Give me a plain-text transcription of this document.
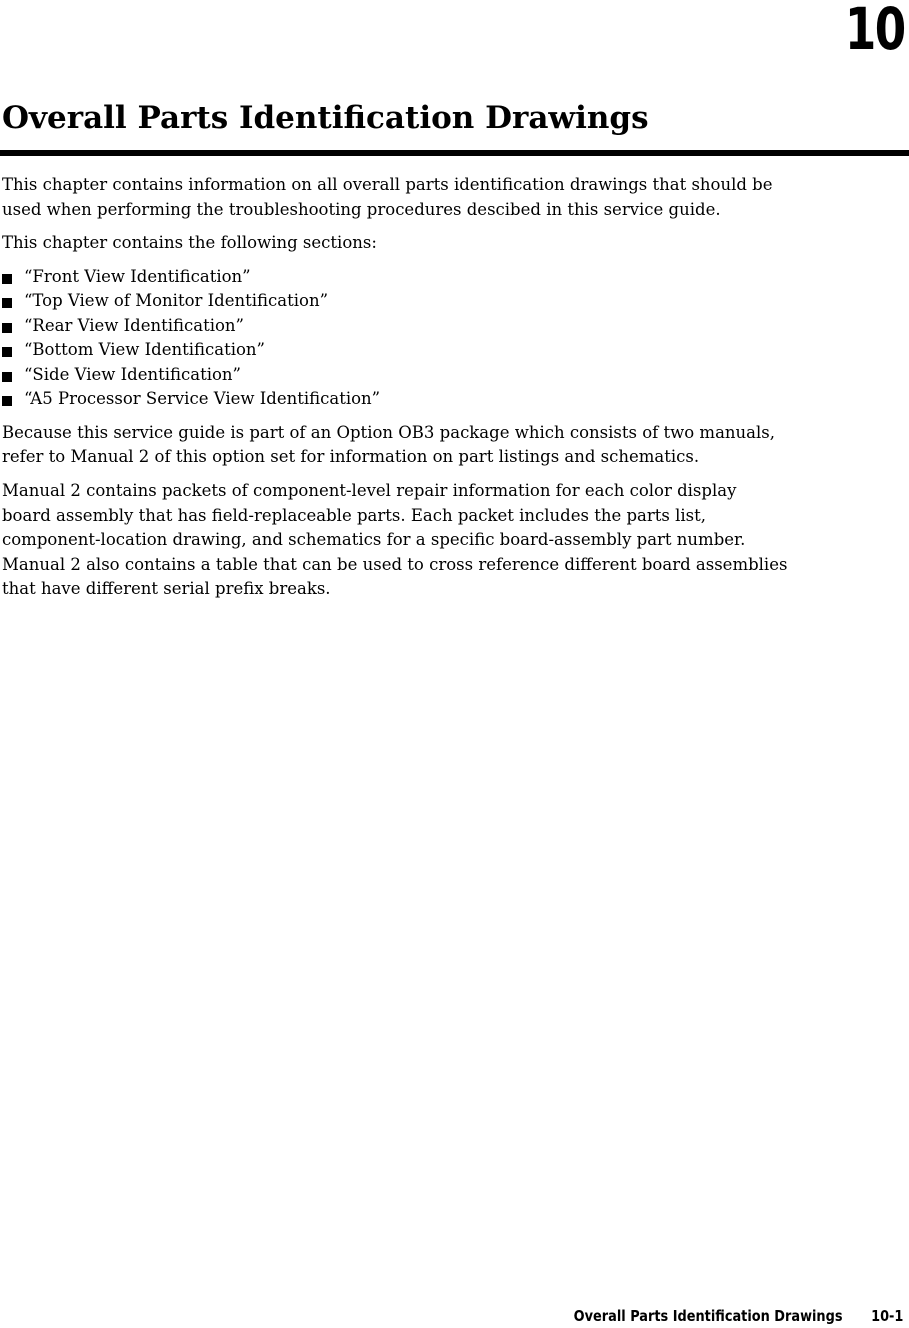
10
Overall Parts Identification Drawings

This chapter contains information on all overall parts identification drawings that should be
used when performing the troubleshooting procedures descibed in this service guide.

This chapter contains the following sections:

“Front View Identification”
“Top View of Monitor Identification”
“Rear View Identification”
“Bottom View Identification”
“Side View Identification”
“A5 Processor Service View Identification”

Because this service guide is part of an Option OB3 package which consists of two manuals,
refer to Manual 2 of this option set for information on part listings and schematics.

Manual 2 contains packets of component-level repair information for each color display
board assembly that has field-replaceable parts. Each packet includes the parts list,
component-location drawing, and schematics for a specific board-assembly part number.
Manual 2 also contains a table that can be used to cross reference different board assemblies
that have different serial prefix breaks.

Overall Parts Identification Drawings 10-1
